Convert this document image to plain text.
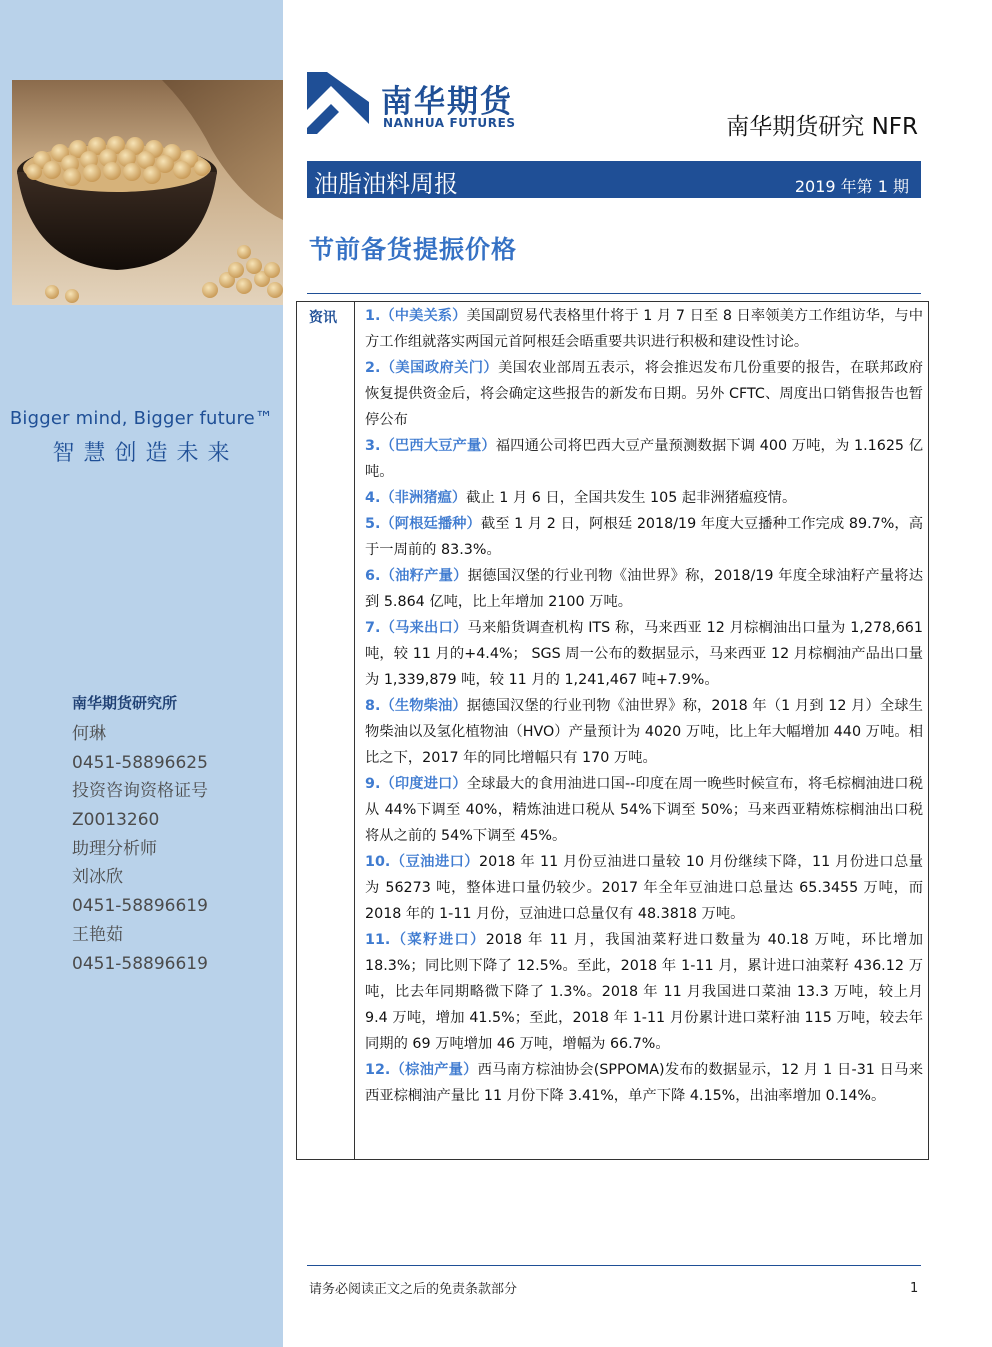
Bigger mind, Bigger future™
智慧创造未来
南华期货研究所
何琳
0451-58896625
投资咨询资格证号
Z0013260
助理分析师
刘冰欣
0451-58896619
王艳茹
0451-58896619
南华期货
NANHUA FUTURES	南华期货研究 NFR
油脂油料周报	2019 年第 1 期
节前备货提振价格
资讯 1.（中美关系）美国副贸易代表格里什将于 1 月 7 日至 8 日率领美方工作组访华，与中方工作组就落实两国元首阿根廷会晤重要共识进行积极和建设性讨论。
2.（美国政府关门）美国农业部周五表示，将会推迟发布几份重要的报告，在联邦政府恢复提供资金后，将会确定这些报告的新发布日期。另外 CFTC、周度出口销售报告也暂停公布
3.（巴西大豆产量）福四通公司将巴西大豆产量预测数据下调 400 万吨，为 1.1625 亿吨。
4.（非洲猪瘟）截止 1 月 6 日，全国共发生 105 起非洲猪瘟疫情。
5.（阿根廷播种）截至 1 月 2 日，阿根廷 2018/19 年度大豆播种工作完成 89.7%，高于一周前的 83.3%。
6.（油籽产量）据德国汉堡的行业刊物《油世界》称，2018/19 年度全球油籽产量将达到 5.864 亿吨，比上年增加 2100 万吨。
7.（马来出口）马来船货调查机构 ITS 称，马来西亚 12 月棕榈油出口量为 1,278,661 吨，较 11 月的+4.4%； SGS 周一公布的数据显示，马来西亚 12 月棕榈油产品出口量为 1,339,879 吨，较 11 月的 1,241,467 吨+7.9%。
8.（生物柴油）据德国汉堡的行业刊物《油世界》称，2018 年（1 月到 12 月）全球生物柴油以及氢化植物油（HVO）产量预计为 4020 万吨，比上年大幅增加 440 万吨。相比之下，2017 年的同比增幅只有 170 万吨。
9.（印度进口）全球最大的食用油进口国--印度在周一晚些时候宣布，将毛棕榈油进口税从 44%下调至 40%，精炼油进口税从 54%下调至 50%；马来西亚精炼棕榈油出口税将从之前的 54%下调至 45%。
10.（豆油进口）2018 年 11 月份豆油进口量较 10 月份继续下降，11 月份进口总量为 56273 吨，整体进口量仍较少。2017 年全年豆油进口总量达 65.3455 万吨，而 2018 年的 1-11 月份，豆油进口总量仅有 48.3818 万吨。
11.（菜籽进口）2018 年 11 月，我国油菜籽进口数量为 40.18 万吨，环比增加 18.3%；同比则下降了 12.5%。至此，2018 年 1-11 月，累计进口油菜籽 436.12 万吨，比去年同期略微下降了 1.3%。2018 年 11 月我国进口菜油 13.3 万吨，较上月 9.4 万吨，增加 41.5%；至此，2018 年 1-11 月份累计进口菜籽油 115 万吨，较去年同期的 69 万吨增加 46 万吨，增幅为 66.7%。
12.（棕油产量）西马南方棕油协会(SPPOMA)发布的数据显示，12 月 1 日-31 日马来西亚棕榈油产量比 11 月份下降 3.41%，单产下降 4.15%，出油率增加 0.14%。
请务必阅读正文之后的免责条款部分	1
